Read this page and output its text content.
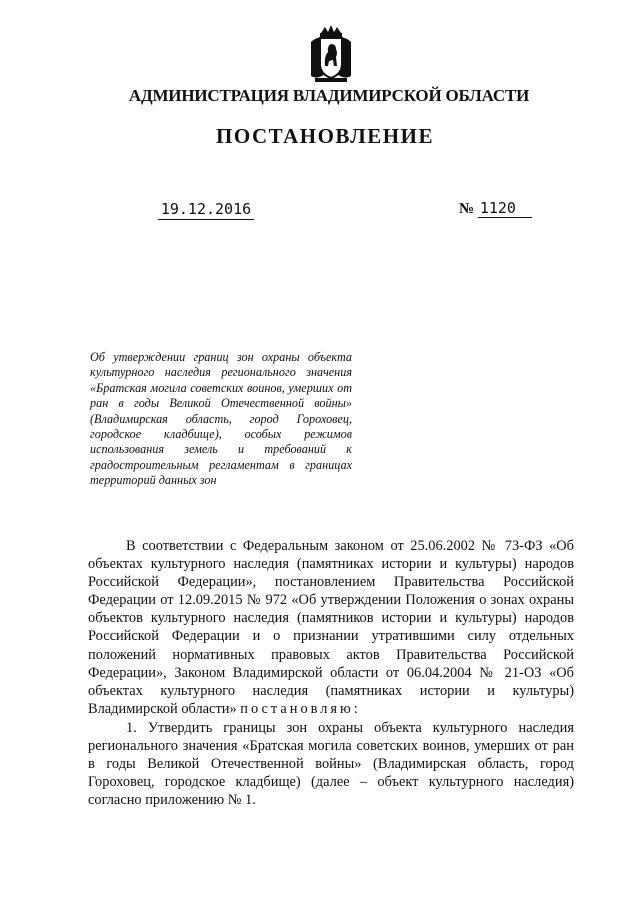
АДМИНИСТРАЦИЯ ВЛАДИМИРСКОЙ ОБЛАСТИ
ПОСТАНОВЛЕНИЕ
19.12.2016	№ 1120
Об утверждении границ зон охраны объекта культурного наследия регионального значения «Братская могила советских воинов, умерших от ран в годы Великой Отечественной войны» (Владимирская область, город Гороховец, городское кладбище), особых режимов использования земель и требований к градостроительным регламентам в границах территорий данных зон

В соответствии с Федеральным законом от 25.06.2002 № 73-ФЗ «Об объектах культурного наследия (памятниках истории и культуры) народов Российской Федерации», постановлением Правительства Российской Федерации от 12.09.2015 № 972 «Об утверждении Положения о зонах охраны объектов культурного наследия (памятников истории и культуры) народов Российской Федерации и о признании утратившими силу отдельных положений нормативных правовых актов Правительства Российской Федерации», Законом Владимирской области от 06.04.2004 № 21-ОЗ «Об объектах культурного наследия (памятниках истории и культуры) Владимирской области» постановляю:

1. Утвердить границы зон охраны объекта культурного наследия регионального значения «Братская могила советских воинов, умерших от ран в годы Великой Отечественной войны» (Владимирская область, город Гороховец, городское кладбище) (далее – объект культурного наследия) согласно приложению № 1.
